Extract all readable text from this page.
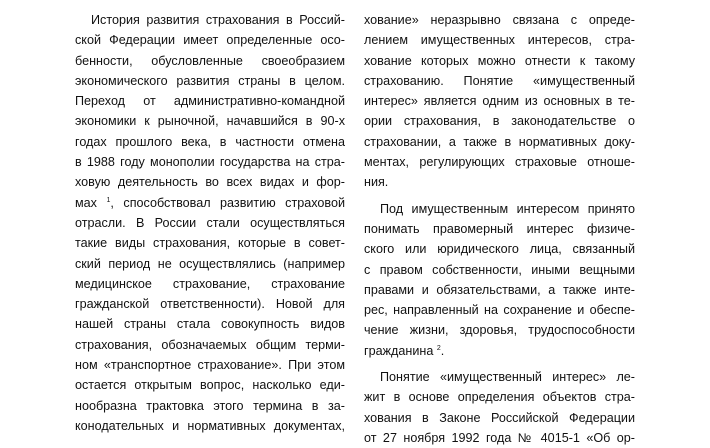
История развития страхования в Россий-
ской Федерации имеет определенные осо-
бенности, обусловленные своеобразием
экономического развития страны в целом.
Переход от административно-командной
экономики к рыночной, начавшийся в 90-х
годах прошлого века, в частности отмена
в 1988 году монополии государства на стра-
ховую деятельность во всех видах и фор-
мах $^1$, способствовал развитию страховой
отрасли. В России стали осуществляться
такие виды страхования, которые в совет-
ский период не осуществлялись (например
медицинское страхование, страхование
гражданской ответственности). Новой для
нашей страны стала совокупность видов
страхования, обозначаемых общим терми-
ном «транспортное страхование». При этом
остается открытым вопрос, насколько еди-
нообразна трактовка этого термина в за-
конодательных и нормативных документах,
хование» неразрывно связана с опреде-
лением имущественных интересов, стра-
хование которых можно отнести к такому
страхованию. Понятие «имущественный
интерес» является одним из основных в те-
ории страхования, в законодательстве о
страховании, а также в нормативных доку-
ментах, регулирующих страховые отноше-
ния.
Под имущественным интересом принято
понимать правомерный интерес физиче-
ского или юридического лица, связанный
с правом собственности, иными вещными
правами и обязательствами, а также инте-
рес, направленный на сохранение и обеспе-
чение жизни, здоровья, трудоспособности
гражданина $^2$.
Понятие «имущественный интерес» ле-
жит в основе определения объектов стра-
хования в Законе Российской Федерации
от 27 ноября 1992 года № 4015-1 «Об ор-
